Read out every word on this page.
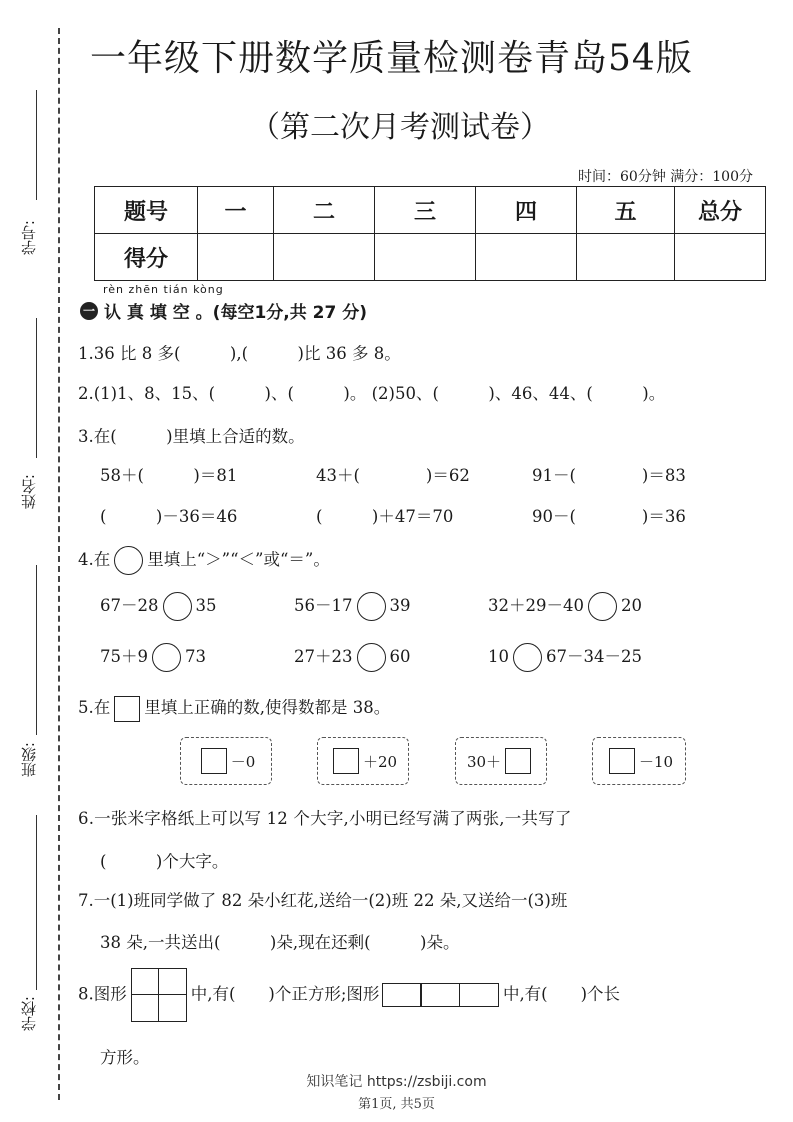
学号:
姓名:
班级:
学校:
一年级下册数学质量检测卷青岛54版
（第二次月考测试卷）
时间：60分钟 满分：100分
题号	一	二	三	四	五	总分
得分						
rèn zhēn tián kòng
一 认 真 填 空 。(每空1分,共 27 分)
1.36 比 8 多(　　　),(　　　)比 36 多 8。
2.(1)1、8、15、(　　　)、(　　　)。 (2)50、(　　　)、46、44、(　　　)。
3.在(　　　)里填上合适的数。
58＋(　　　)＝81	43＋(　　　　)＝62	91－(　　　　)＝83
(　　　)－36＝46	(　　　)＋47＝70	90－(　　　　)＝36
4.在 里填上“＞”“＜”或“＝”。
67－28 35	56－17 39	32＋29－40 20
75＋9 73	27＋23 60	10 67－34－25
5.在 里填上正确的数,使得数都是 38。
－0	＋20	30＋	－10
6.一张米字格纸上可以写 12 个大字,小明已经写满了两张,一共写了
(　　　)个大字。
7.一(1)班同学做了 82 朵小红花,送给一(2)班 22 朵,又送给一(3)班
38 朵,一共送出(　　　)朵,现在还剩(　　　)朵。
8.图形	中,有(　　)个正方形;图形	中,有(　　)个长
方形。
知识笔记 https://zsbiji.com
第1页, 共5页
